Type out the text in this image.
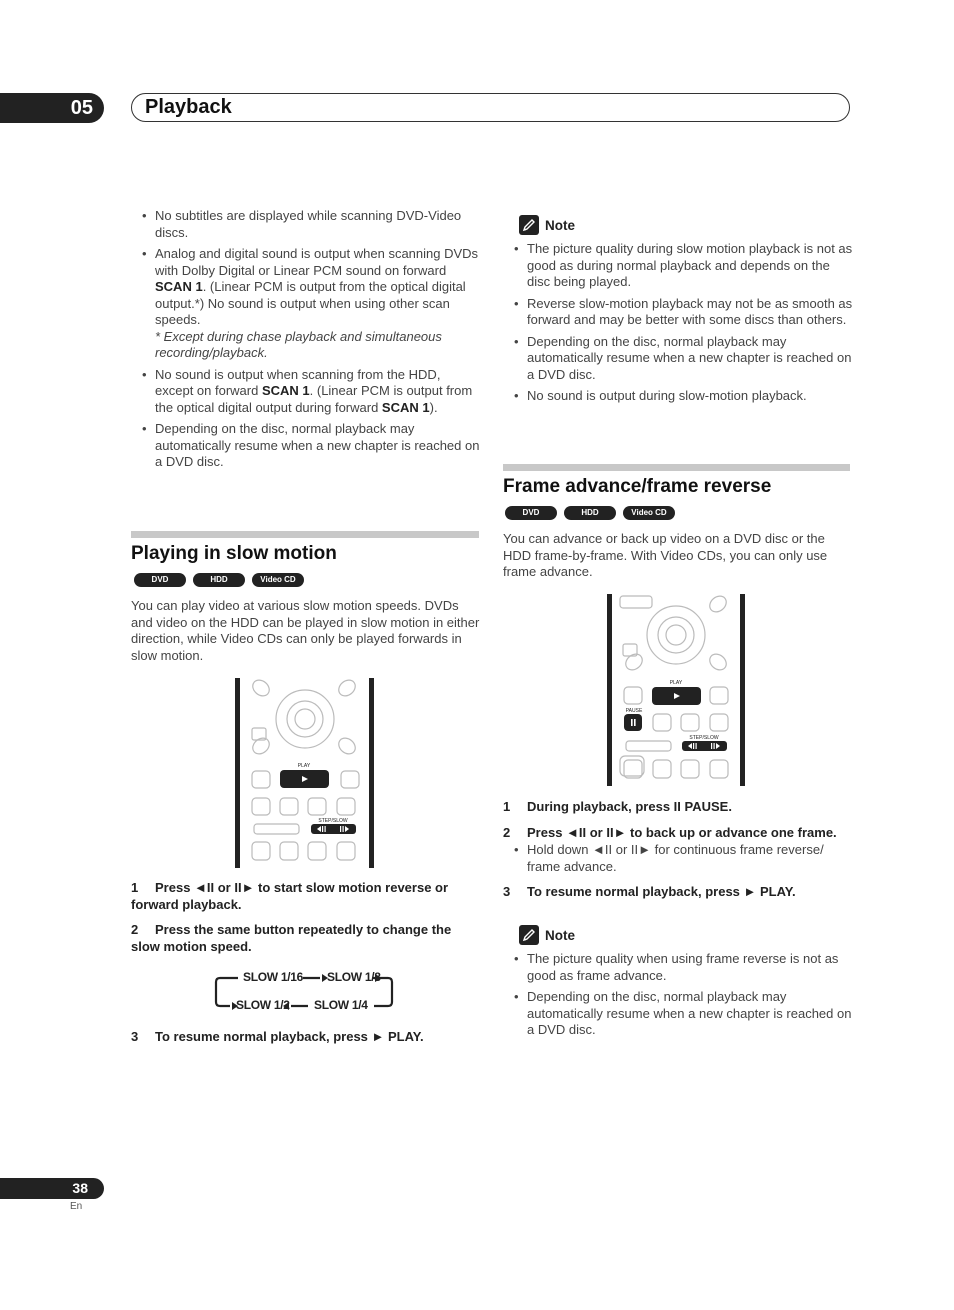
05	Playback
• No subtitles are displayed while scanning DVD-Video discs.
• Analog and digital sound is output when scanning DVDs with Dolby Digital or Linear PCM sound on forward SCAN 1. (Linear PCM is output from the optical digital output.*) No sound is output when using other scan speeds.
* Except during chase playback and simultaneous recording/playback.
• No sound is output when scanning from the HDD, except on forward SCAN 1. (Linear PCM is output from the optical digital output during forward SCAN 1).
• Depending on the disc, normal playback may automatically resume when a new chapter is reached on a DVD disc.
Playing in slow motion
DVD	HDD	Video CD
You can play video at various slow motion speeds. DVDs and video on the HDD can be played in slow motion in either direction, while Video CDs can only be played forwards in slow motion.
PLAY
STEP/SLOW
1 Press ◄II or II► to start slow motion reverse or forward playback.
2 Press the same button repeatedly to change the slow motion speed.
SLOW 1/16 SLOW 1/8
SLOW 1/4
SLOW 1/2
3 To resume normal playback, press ► PLAY.
Note
• The picture quality during slow motion playback is not as good as during normal playback and depends on the disc being played.
• Reverse slow-motion playback may not be as smooth as forward and may be better with some discs than others.
• Depending on the disc, normal playback may automatically resume when a new chapter is reached on a DVD disc.
• No sound is output during slow-motion playback.
Frame advance/frame reverse
DVD	HDD	Video CD
You can advance or back up video on a DVD disc or the HDD frame-by-frame. With Video CDs, you can only use frame advance.
PLAY
PAUSE
STEP/SLOW
1 During playback, press II PAUSE.
2 Press ◄II or II► to back up or advance one frame.
• Hold down ◄II or II► for continuous frame reverse/ frame advance.
3 To resume normal playback, press ► PLAY.
Note
• The picture quality when using frame reverse is not as good as frame advance.
• Depending on the disc, normal playback may automatically resume when a new chapter is reached on a DVD disc.
38
En
